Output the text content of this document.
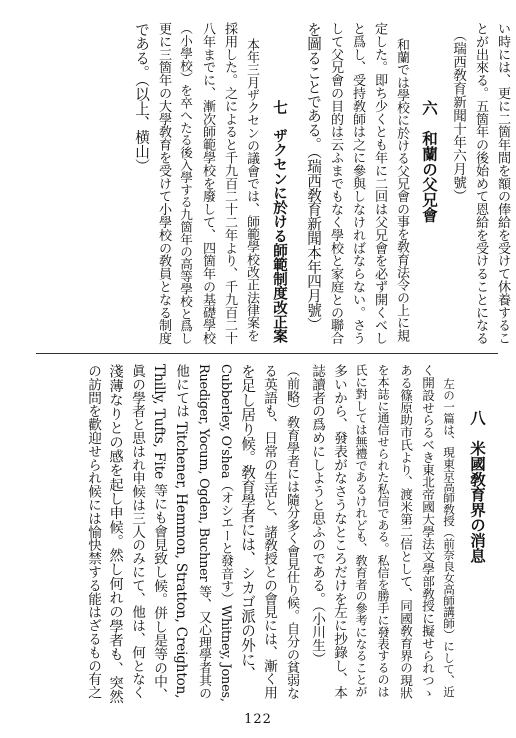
い時には、更に二箇年間を額の俸給を受けて休養するこ
とが出來る。五箇年の後始めて恩給を受けることになる
（瑞西敎育新聞十年六月號）
六　和蘭の父兄會
和蘭では學校に於ける父兄會の事を敎育法令の上に規
定した。即ち少くとも年に二回は父兄會を必ず開くべし
と爲し、受持敎師は之に參與しなければならない。さう
して父兄會の目的は云ふまでもなく學校と家庭との聯合
を圖ることである。（瑞西敎育新聞本年四月號）
七　ザクセンに於ける師範制度改正案
本年三月ザクセンの議會では、師範學校改正法律案を
採用した。之によると千九百二十二年より、千九百二十
八年までに、漸次師範學校を廢して、四箇年の基礎學校
（小學校）を卒へたる後入學する九箇年の高等學校と爲し
更に三箇年の大學敎育を受けて小學校の敎員となる制度
である。（以上、横山）
八　米國敎育界の消息
左の一篇は、現東京高師敎授（前奈良女高師講師）にして、近
く開設せらるべき東北帝國大學法文學部敎授に擬せられつゝ
ある篠原助市氏より、渡米第二信として、同國敎育界の現狀
を本誌に通信せられた私信である。私信を勝手に發表するのは
氏に對しては無禮であるけれども、敎育者の參考になることが
多いから、發表がなさうなところだけを左に抄錄し、本
誌讀者の爲めにしようと思ふのである。（小川生）
（前略）敎育學者には隨分多く會見仕り候。自分の貧弱な
る英語も、日常の生活と、諸敎授との會見には、漸く用
を足し居り候。敎育學者には、シカゴ派の外に、
Cubberley, O'shea（オシエーと發音す）Whitney, Jones,
Ruediger, Yocum, Ogden, Buchner 等、又心理學者其の
他にては Titchener, Hemmon, Stratton, Creighton,
Thilly, Tufts, Fite 等にも會見致し候。併し是等の中、
眞の學者と思はれ申候は三人のみにて、他は、何となく
淺薄なりとの感を起し申候。然し何れの學者も、突然
の訪問を歡迎せられ候には愉快禁する能はざるもの有之
122
